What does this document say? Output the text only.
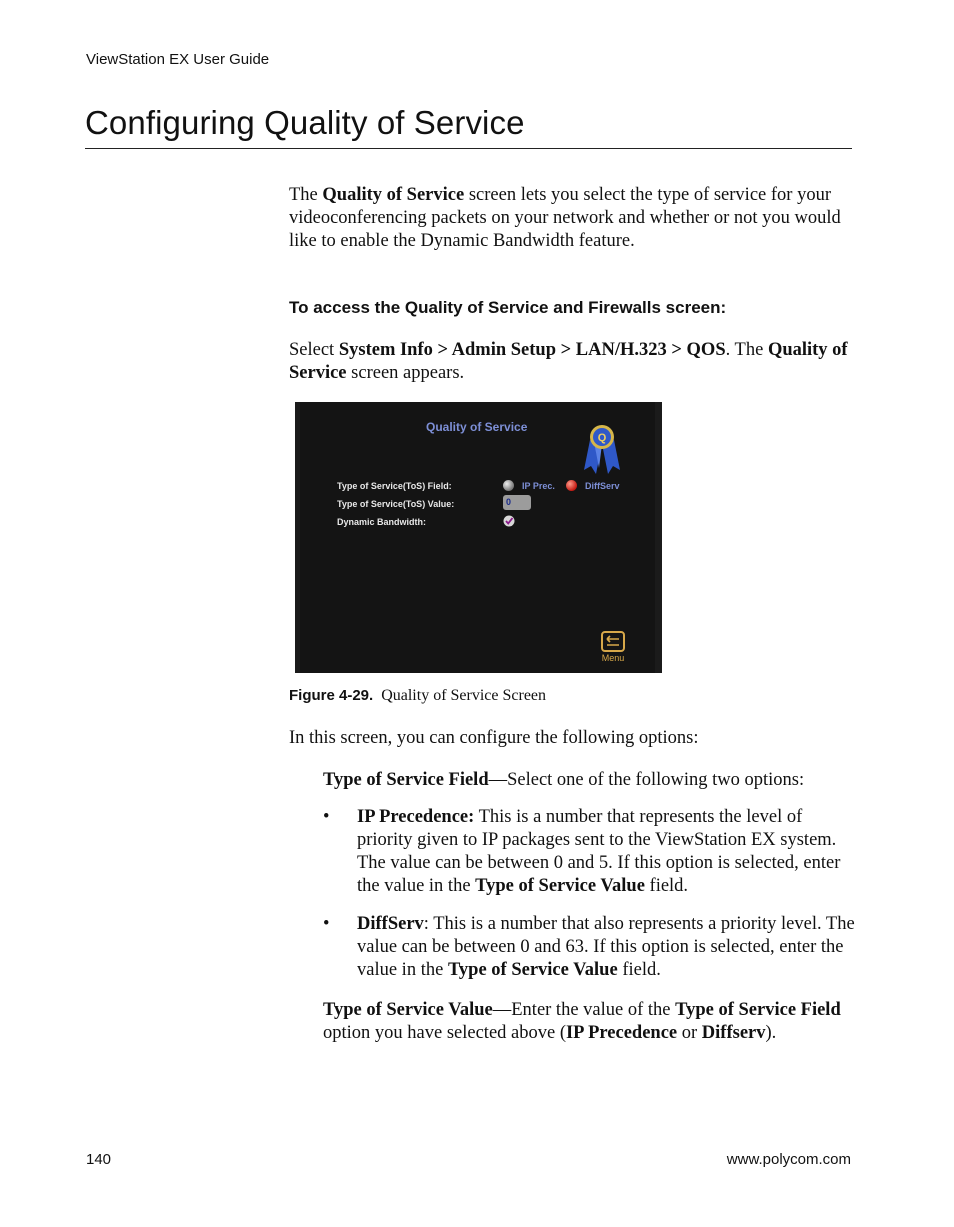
ViewStation EX User Guide
Configuring Quality of Service

The Quality of Service screen lets you select the type of service for your videoconferencing packets on your network and whether or not you would like to enable the Dynamic Bandwidth feature.

To access the Quality of Service and Firewalls screen:

Select System Info > Admin Setup > LAN/H.323 > QOS. The Quality of Service screen appears.

Quality of Service
Q
Type of Service(ToS) Field:
Type of Service(ToS) Value:
Dynamic Bandwidth:
IP Prec.	DiffServ
0
Menu
Figure 4-29. Quality of Service Screen

In this screen, you can configure the following options:

Type of Service Field—Select one of the following two options:

• IP Precedence: This is a number that represents the level of priority given to IP packages sent to the ViewStation EX system. The value can be between 0 and 5. If this option is selected, enter the value in the Type of Service Value field.
• DiffServ: This is a number that also represents a priority level. The value can be between 0 and 63. If this option is selected, enter the value in the Type of Service Value field.

Type of Service Value—Enter the value of the Type of Service Field option you have selected above (IP Precedence or Diffserv).

140	www.polycom.com
